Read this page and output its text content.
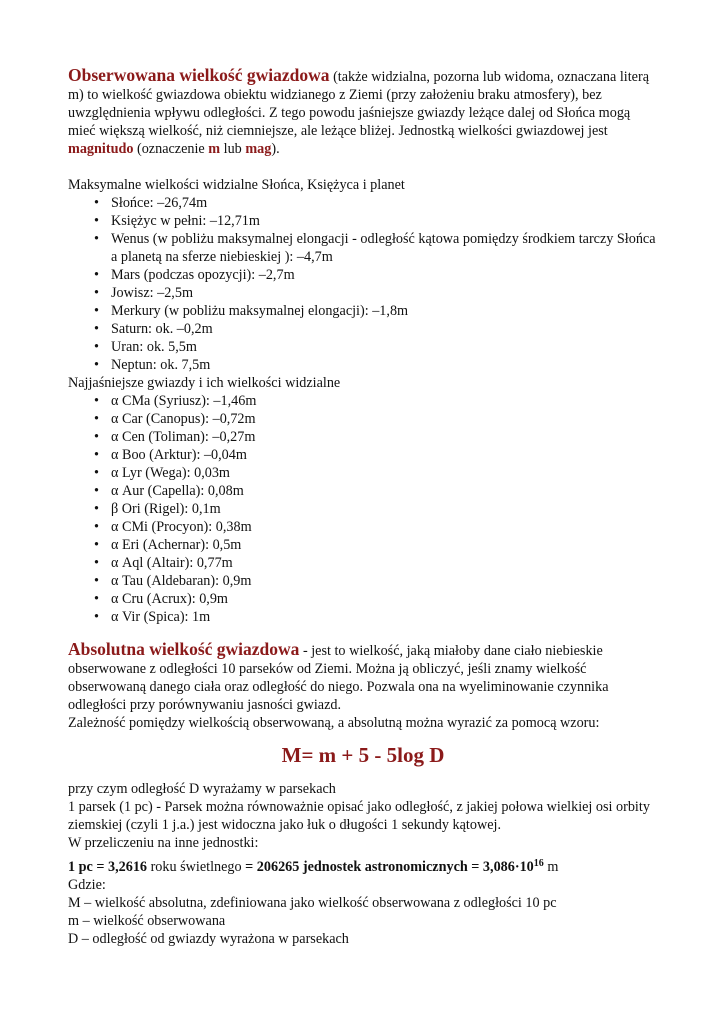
Obserwowana wielkość gwiazdowa (także widzialna, pozorna lub widoma, oznaczana literą m) to wielkość gwiazdowa obiektu widzianego z Ziemi (przy założeniu braku atmosfery), bez uwzględnienia wpływu odległości. Z tego powodu jaśniejsze gwiazdy leżące dalej od Słońca mogą mieć większą wielkość, niż ciemniejsze, ale leżące bliżej. Jednostką wielkości gwiazdowej jest magnitudo (oznaczenie m lub mag).

Maksymalne wielkości widzialne Słońca, Księżyca i planet

• Słońce: –26,74m
• Księżyc w pełni: –12,71m
• Wenus (w pobliżu maksymalnej elongacji - odległość kątowa pomiędzy środkiem tarczy Słońca a planetą na sferze niebieskiej ): –4,7m
• Mars (podczas opozycji): –2,7m
• Jowisz: –2,5m
• Merkury (w pobliżu maksymalnej elongacji): –1,8m
• Saturn: ok. –0,2m
• Uran: ok. 5,5m
• Neptun: ok. 7,5m

Najjaśniejsze gwiazdy i ich wielkości widzialne

• α CMa (Syriusz): –1,46m
• α Car (Canopus): –0,72m
• α Cen (Toliman): –0,27m
• α Boo (Arktur): –0,04m
• α Lyr (Wega): 0,03m
• α Aur (Capella): 0,08m
• β Ori (Rigel): 0,1m
• α CMi (Procyon): 0,38m
• α Eri (Achernar): 0,5m
• α Aql (Altair): 0,77m
• α Tau (Aldebaran): 0,9m
• α Cru (Acrux): 0,9m
• α Vir (Spica): 1m

Absolutna wielkość gwiazdowa - jest to wielkość, jaką miałoby dane ciało niebieskie obserwowane z odległości 10 parseków od Ziemi. Można ją obliczyć, jeśli znamy wielkość obserwowaną danego ciała oraz odległość do niego. Pozwala ona na wyeliminowanie czynnika odległości przy porównywaniu jasności gwiazd.

Zależność pomiędzy wielkością obserwowaną, a absolutną można wyrazić za pomocą wzoru:

M= m + 5 - 5log D

przy czym odległość D wyrażamy w parsekach

1 parsek (1 pc) - Parsek można równoważnie opisać jako odległość, z jakiej połowa wielkiej osi orbity ziemskiej (czyli 1 j.a.) jest widoczna jako łuk o długości 1 sekundy kątowej.

W przeliczeniu na inne jednostki:

1 pc = 3,2616 roku świetlnego = 206265 jednostek astronomicznych = $3,086\cdot 10^{16}$ m

Gdzie:

M – wielkość absolutna, zdefiniowana jako wielkość obserwowana z odległości 10 pc

m – wielkość obserwowana

D – odległość od gwiazdy wyrażona w parsekach
